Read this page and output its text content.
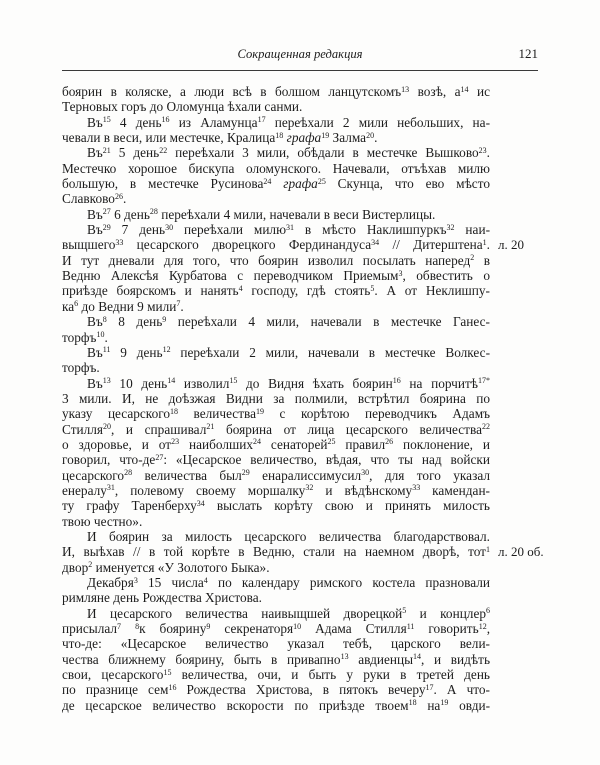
Сокращенная редакция	121
боярин в коляске, а люди всѣ в болшом ланцутскомъ$^{13}$ возѣ, $а^{14}$ ис
Терновых горъ до Оломунца ѣхали санми.
$Въ^{15}$ 4 день$^{16}$ из Аламунца$^{17}$ переѣхали 2 мили небольших, на-
чевали в веси, или местечке, Кралица$^{18}$ графа$^{19}$ Залма$^{20}$.
$Въ^{21}$ 5 день$^{22}$ переѣхали 3 мили, обѣдали в местечке Вышково$^{23}$.
Местечко хорошое бискупа оломунского. Начевали, отъѣхав милю
большую, в местечке Русинова$^{24}$ графа$^{25}$ Скунца, что ево мѣсто
Славково$^{26}$.
$Въ^{27}$ 6 день$^{28}$ переѣхали 4 мили, начевали в веси Вистерлицы.
$Въ^{29}$ 7 день$^{30}$ переѣхали милю$^{31}$ в мѣсто Наклишпуркъ$^{32}$ наи-
выщшего$^{33}$ цесарского дворецкого Фердинандуса$^{34}$ // Дитерштена$^1$. л. 20
И тут дневали для того, что боярин изволил посылать наперед$^2$ в
Ведню Алексѣя Курбатова с переводчиком Приемым$^3$, обвестить о
приѣзде боярскомъ и нанять$^4$ господу, гдѣ стоять$^5$. А от Неклишпу-
$ка^6$ до Ведни 9 мили$^7$.
$Въ^8$ 8 день$^9$ переѣхали 4 мили, начевали в местечке Ганес-
торфъ$^{10}$.
$Въ^{11}$ 9 день$^{12}$ переѣхали 2 мили, начевали в местечке Волкес-
торфъ.
$Въ^{13}$ 10 день$^{14}$ изволил$^{15}$ до Видня ѣхать боярин$^{16}$ на порчитѣ$^{17*}$
3 мили. И, не доѣзжая Видни за полмили, встрѣтил боярина по
указу цесарского$^{18}$ величества$^{19}$ с корѣтою переводчикъ Адамъ
Стилля$^{20}$, и спрашивал$^{21}$ боярина от лица цесарского величества$^{22}$
о здоровье, и $от^{23}$ наиболших$^{24}$ сенаторей$^{25}$ правил$^{26}$ поклонение, и
говорил, что-$де^{27}$: «Цесарское величество, вѣдая, что ты над войски
цесарского$^{28}$ величества был$^{29}$ енаралиссимусил$^{30}$, для того указал
енералу$^{31}$, полевому своему моршалку$^{32}$ и вѣдѣнскому$^{33}$ камендан-
ту графу Таренберху$^{34}$ выслать корѣту свою и принять милость
твою честно».
И боярин за милость цесарского величества благодарствовал.
И, выѣхав // в той корѣте в Ведню, стали на наемном дворѣ, тот$^1$ л. 20 об.
двор$^2$ именуется «У Золотого Быка».
Декабря$^3$ 15 числа$^4$ по календару римского костела празновали
римляне день Рождества Христова.
И цесарского величества наивыщшей дворецкой$^5$ и концлер$^6$
присылал$^7$ $^8$к боярину$^9$ секренаторя$^{10}$ Адама Стилля$^{11}$ говорить$^{12}$,
что-де: «Цесарское величество указал тебѣ, царского вели-
чества ближнему боярину, быть в привапно$^{13}$ авдиенцы$^{14}$, и видѣть
свои, цесарского$^{15}$ величества, очи, и быть у руки в третей день
по празнице сем$^{16}$ Рождества Христова, в пятокъ вечеру$^{17}$. А что-
де цесарское величество вскорости по приѣзде твоем$^{18}$ $на^{19}$ овди-
